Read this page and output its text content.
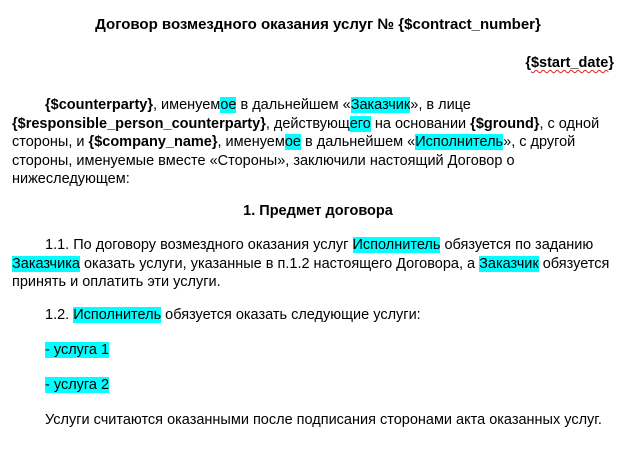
Договор возмездного оказания услуг № {$contract_number}
{$start_date}

{$counterparty}, именуемое в дальнейшем «Заказчик», в лице {$responsible_person_counterparty}, действующего на основании {$ground}, с одной стороны, и {$company_name}, именуемое в дальнейшем «Исполнитель», с другой стороны, именуемые вместе «Стороны», заключили настоящий Договор о нижеследующем:

1. Предмет договора

1.1. По договору возмездного оказания услуг Исполнитель обязуется по заданию Заказчика оказать услуги, указанные в п.1.2 настоящего Договора, а Заказчик обязуется принять и оплатить эти услуги.

1.2. Исполнитель обязуется оказать следующие услуги:

- услуга 1

- услуга 2

Услуги считаются оказанными после подписания сторонами акта оказанных услуг.
